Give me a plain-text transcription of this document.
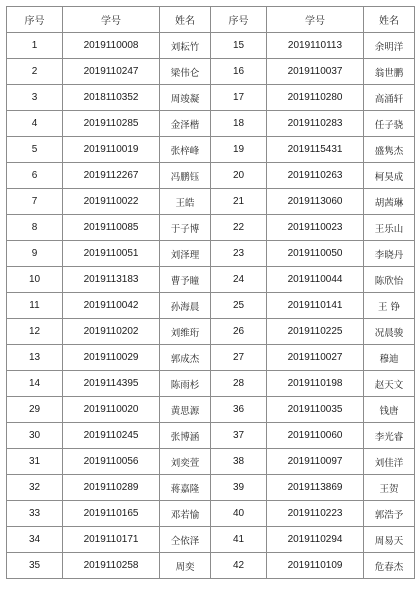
序号	学号	姓名	序号	学号	姓名
1	2019110008	刘耘竹	15	2019110113	余明洋
2	2019110247	梁伟仑	16	2019110037	翁世鹏
3	2018110352	周竣凝	17	2019110280	高涌轩
4	2019110285	金泽楷	18	2019110283	任子骁
5	2019110019	张梓峰	19	2019115431	盛隽杰
6	2019112267	冯鹏钰	20	2019110263	柯昊成
7	2019110022	王皓	21	2019113060	胡茜琳
8	2019110085	于子博	22	2019110023	王乐山
9	2019110051	刘泽理	23	2019110050	李晓丹
10	2019113183	曹予瞳	24	2019110044	陈欣怡
11	2019110042	孙海晨	25	2019110141	王 铮
12	2019110202	刘维珩	26	2019110225	况晨骏
13	2019110029	郭成杰	27	2019110027	穆迪
14	2019114395	陈雨杉	28	2019110198	赵天文
29	2019110020	黄思源	36	2019110035	钱唐
30	2019110245	张博涵	37	2019110060	李光睿
31	2019110056	刘奕萱	38	2019110097	刘佳洋
32	2019110289	蒋嘉隆	39	2019113869	王贺
33	2019110165	邓若愉	40	2019110223	郭浩予
34	2019110171	仝依泽	41	2019110294	周易天
35	2019110258	周奕	42	2019110109	危春杰
